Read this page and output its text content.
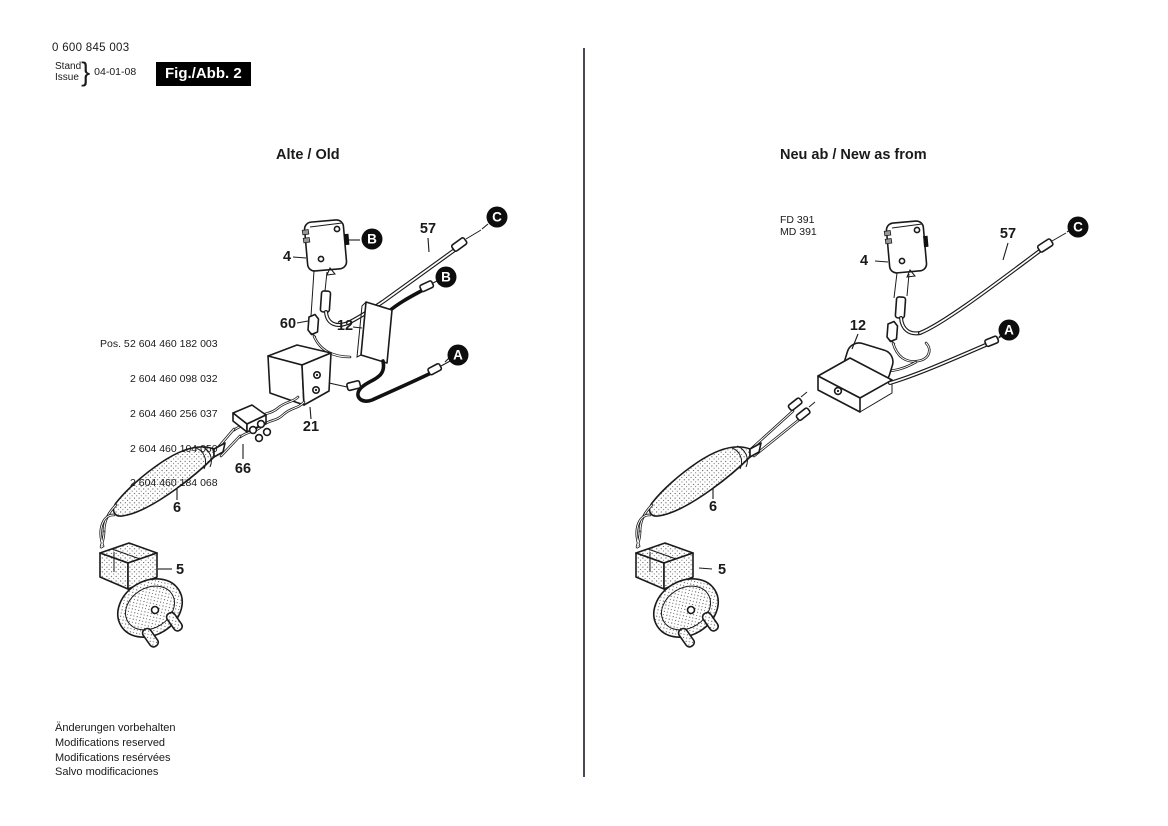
0 600 845 003
Stand
Issue } 04-01-08	Fig./Abb. 2
Alte / Old	Neu ab / New as from

Pos. 5 2 604 460 182 003

2 604 460 098 032

2 604 460 256 037

2 604 460 104 050

2 604 460 184 068

FD 391
MD 391
4
57
60	12
21
66
6
5
4
57
12
6
5
B
C
B
A
C
A
Änderungen vorbehalten
Modifications reserved
Modifications resérvées
Salvo modificaciones
